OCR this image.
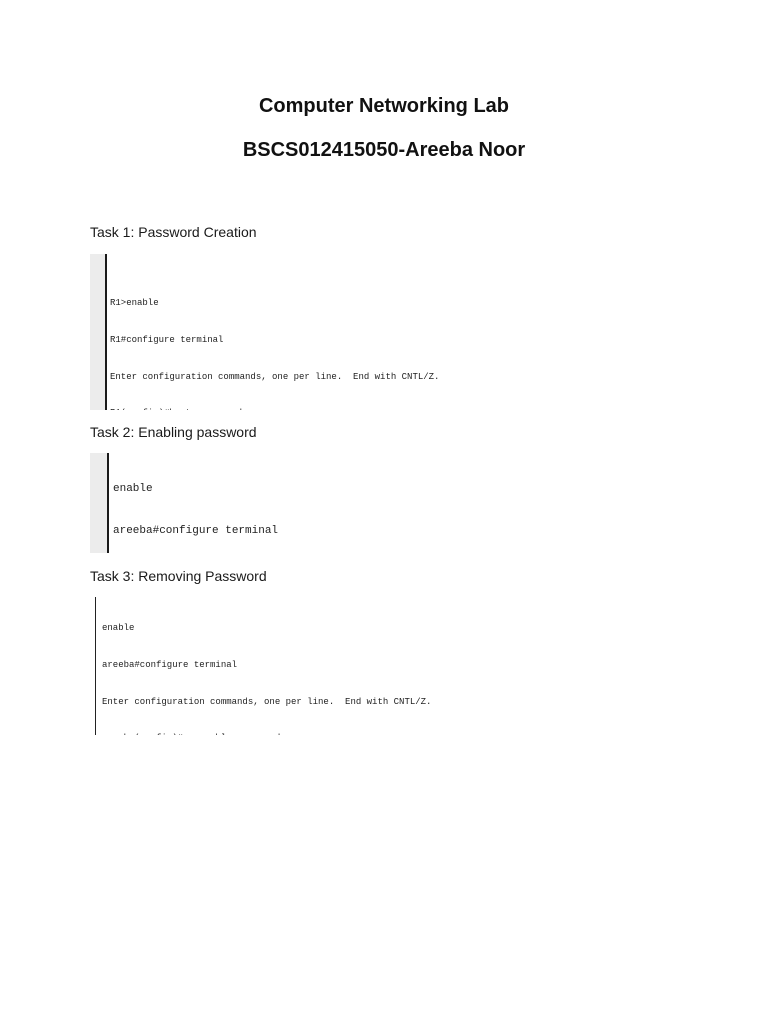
Computer Networking Lab
BSCS012415050-Areeba Noor

Task 1: Password Creation

R1>enable

R1#configure terminal

Enter configuration commands, one per line.  End with CNTL/Z.

Task 2: Enabling password

enable

areeba#configure terminal

Task 3: Removing Password

enable

areeba#configure terminal

Enter configuration commands, one per line.  End with CNTL/Z.
